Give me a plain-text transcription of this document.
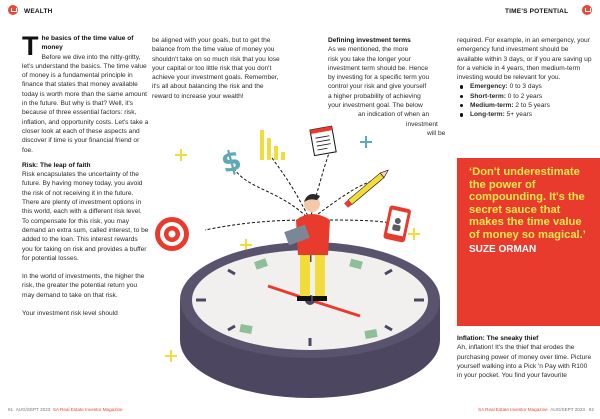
WEALTH	TIME'S POTENTIAL
T he basics of the time value of money
Before we dive into the nitty-gritty, let's understand the basics. The time value of money is a fundamental principle in finance that states that money available today is worth more than the same amount in the future. But why is that? Well, it's because of three essential factors: risk, inflation, and opportunity costs. Let's take a closer look at each of these aspects and discover if time is your financial friend or foe.
Risk: The leap of faith

Risk encapsulates the uncertainty of the future. By having money today, you avoid the risk of not receiving it in the future. There are plenty of investment options in this world, each with a different risk level. To compensate for this risk, you may demand an extra sum, called interest, to be added to the loan. This interest rewards you for taking on risk and provides a buffer for potential losses.

In the world of investments, the higher the risk, the greater the potential return you may demand to take on that risk.

Your investment risk level should

be aligned with your goals, but to get the balance from the time value of money you shouldn't take on so much risk that you lose your capital or too little risk that you don't achieve your investment goals. Remember, it's all about balancing the risk and the reward to increase your wealth!
Defining investment terms
As we mentioned, the more
risk you take the longer your
investment term should be. Hence
by investing for a specific term you
control your risk and give yourself
a higher probability of achieving
your investment goal. The below
an indication of when an
investment
will be
required. For example, in an emergency, your emergency fund investment should be available within 3 days, or if you are saving up for a vehicle in 4 years, then medium-term investing would be relevant for you.
Emergency: 0 to 3 days
Short-term: 0 to 2 years
Medium-term: 2 to 5 years
Long-term: 5+ years
‘Don't underestimate the power of compounding. It's the secret sauce that makes the time value of money so magical.’
SUZE ORMAN
Inflation: The sneaky thief
Ah, inflation! It's the thief that erodes the purchasing power of money over time. Picture yourself walking into a Pick 'n Pay with R100 in your pocket. You find your favourite
$
61 AUG/SEPT 2023 SA Real Estate Investor Magazine	SA Real Estate Investor Magazine AUG/SEPT 2023 62
